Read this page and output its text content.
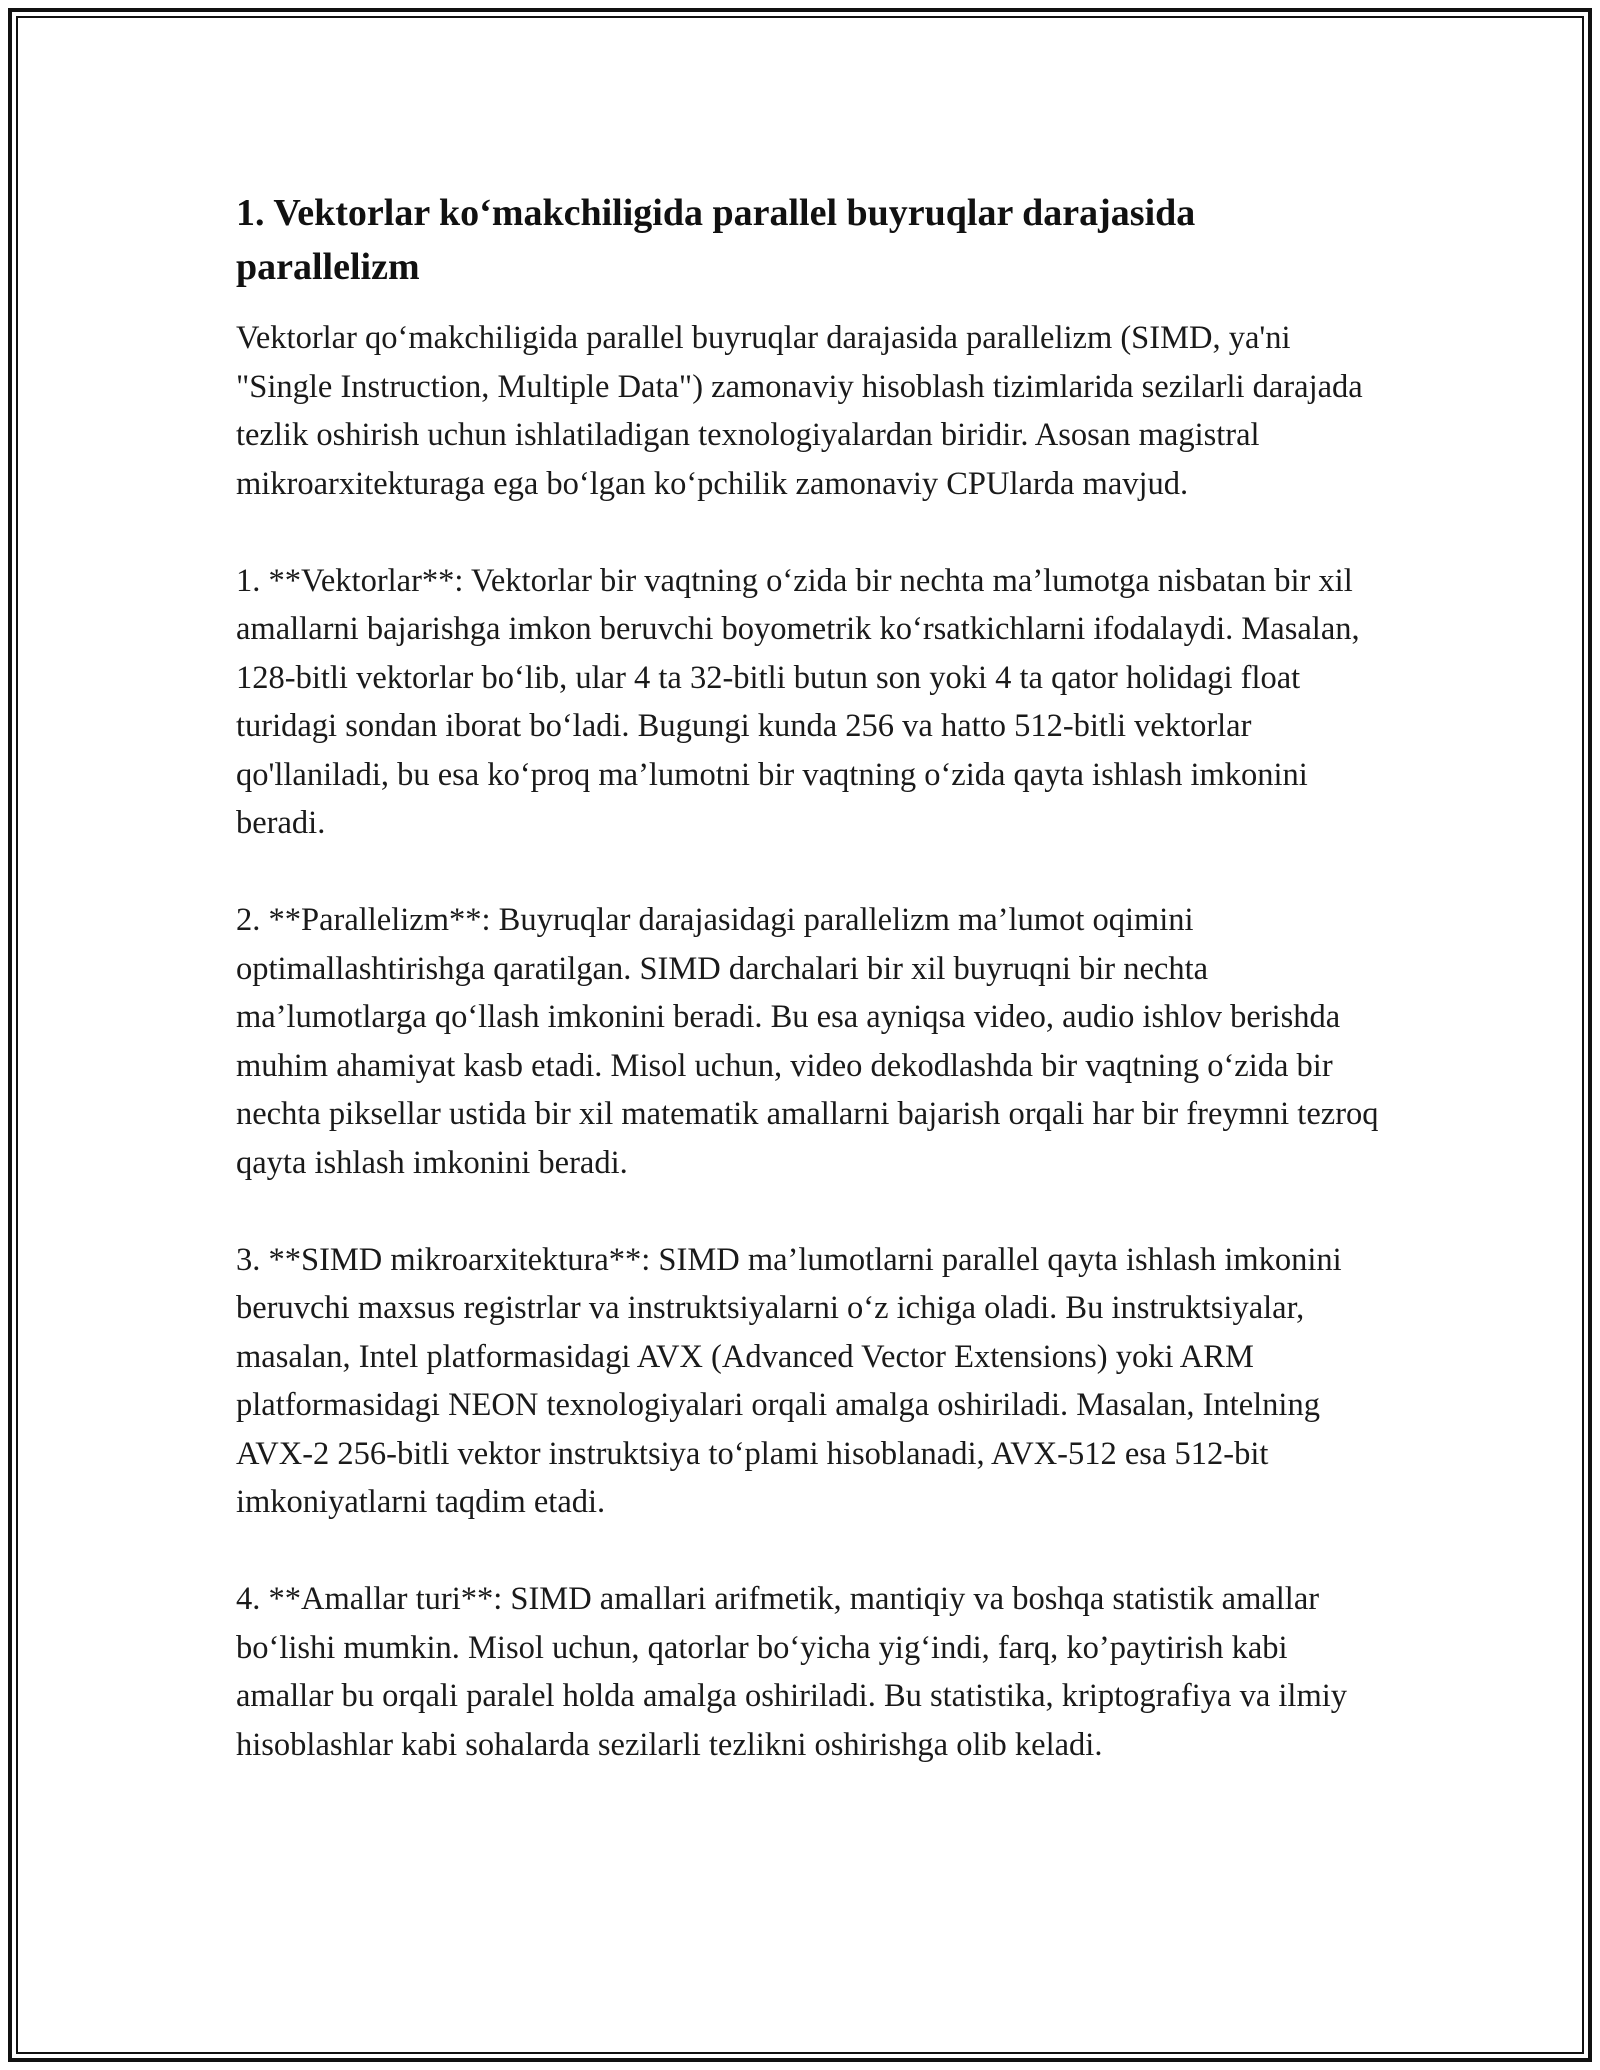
1. Vektorlar ko‘makchiligida parallel buyruqlar darajasida parallelizm

Vektorlar qo‘makchiligida parallel buyruqlar darajasida parallelizm (SIMD, ya'ni "Single Instruction, Multiple Data") zamonaviy hisoblash tizimlarida sezilarli darajada tezlik oshirish uchun ishlatiladigan texnologiyalardan biridir. Asosan magistral mikroarxitekturaga ega bo‘lgan ko‘pchilik zamonaviy CPUlarda mavjud.

1. **Vektorlar**: Vektorlar bir vaqtning o‘zida bir nechta ma’lumotga nisbatan bir xil amallarni bajarishga imkon beruvchi boyometrik ko‘rsatkichlarni ifodalaydi. Masalan, 128-bitli vektorlar bo‘lib, ular 4 ta 32-bitli butun son yoki 4 ta qator holidagi float turidagi sondan iborat bo‘ladi. Bugungi kunda 256 va hatto 512-bitli vektorlar qo'llaniladi, bu esa ko‘proq ma’lumotni bir vaqtning o‘zida qayta ishlash imkonini beradi.

2. **Parallelizm**: Buyruqlar darajasidagi parallelizm ma’lumot oqimini optimallashtirishga qaratilgan. SIMD darchalari bir xil buyruqni bir nechta ma’lumotlarga qo‘llash imkonini beradi. Bu esa ayniqsa video, audio ishlov berishda muhim ahamiyat kasb etadi. Misol uchun, video dekodlashda bir vaqtning o‘zida bir nechta piksellar ustida bir xil matematik amallarni bajarish orqali har bir freymni tezroq qayta ishlash imkonini beradi.

3. **SIMD mikroarxitektura**: SIMD ma’lumotlarni parallel qayta ishlash imkonini beruvchi maxsus registrlar va instruktsiyalarni o‘z ichiga oladi. Bu instruktsiyalar, masalan, Intel platformasidagi AVX (Advanced Vector Extensions) yoki ARM platformasidagi NEON texnologiyalari orqali amalga oshiriladi. Masalan, Intelning AVX-2 256-bitli vektor instruktsiya to‘plami hisoblanadi, AVX-512 esa 512-bit imkoniyatlarni taqdim etadi.

4. **Amallar turi**: SIMD amallari arifmetik, mantiqiy va boshqa statistik amallar bo‘lishi mumkin. Misol uchun, qatorlar bo‘yicha yig‘indi, farq, ko’paytirish kabi amallar bu orqali paralel holda amalga oshiriladi. Bu statistika, kriptografiya va ilmiy hisoblashlar kabi sohalarda sezilarli tezlikni oshirishga olib keladi.
